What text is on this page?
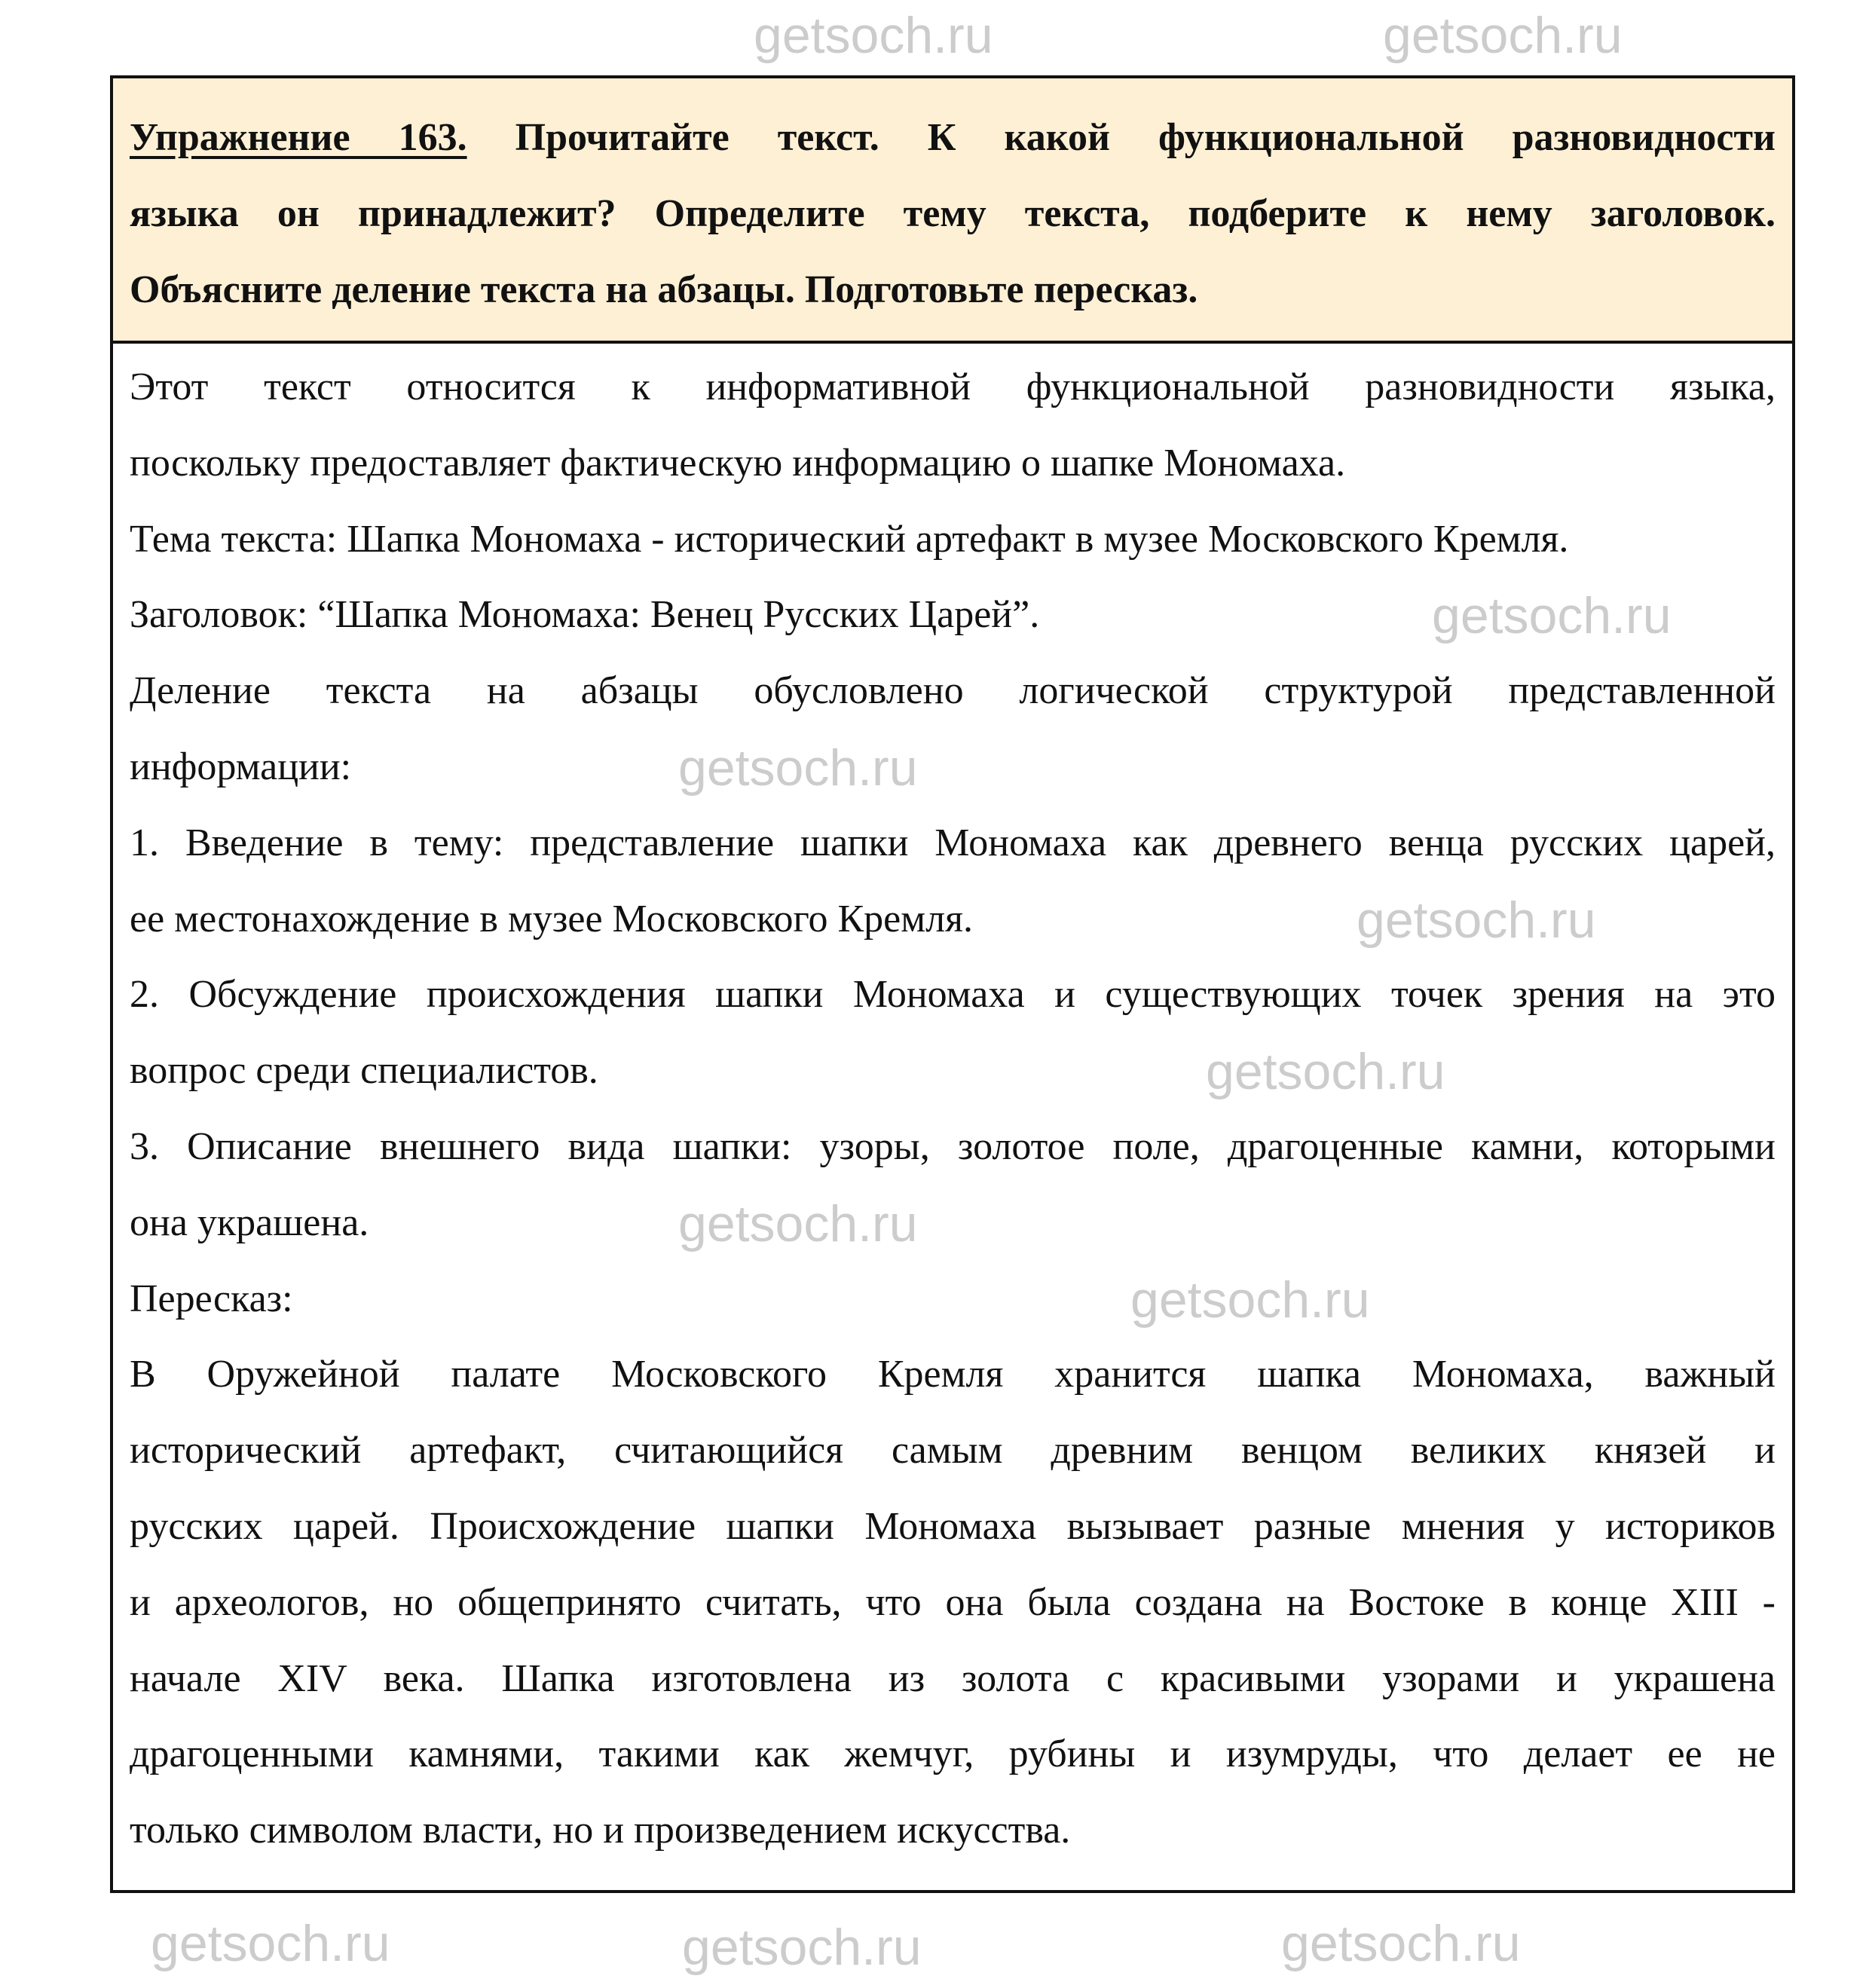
Упражнение 163. Прочитайте текст. К какой функциональной разновидности
языка он принадлежит? Определите тему текста, подберите к нему заголовок.
Объясните деление текста на абзацы. Подготовьте пересказ.
Этот текст относится к информативной функциональной разновидности языка,
поскольку предоставляет фактическую информацию о шапке Мономаха.
Тема текста: Шапка Мономаха - исторический артефакт в музее Московского Кремля.
Заголовок: “Шапка Мономаха: Венец Русских Царей”.
Деление текста на абзацы обусловлено логической структурой представленной
информации:
1. Введение в тему: представление шапки Мономаха как древнего венца русских царей,
ее местонахождение в музее Московского Кремля.
2. Обсуждение происхождения шапки Мономаха и существующих точек зрения на это
вопрос среди специалистов.
3. Описание внешнего вида шапки: узоры, золотое поле, драгоценные камни, которыми
она украшена.
Пересказ:
В Оружейной палате Московского Кремля хранится шапка Мономаха, важный
исторический артефакт, считающийся самым древним венцом великих князей и
русских царей. Происхождение шапки Мономаха вызывает разные мнения у историков
и археологов, но общепринято считать, что она была создана на Востоке в конце XIII -
начале XIV века. Шапка изготовлена из золота с красивыми узорами и украшена
драгоценными камнями, такими как жемчуг, рубины и изумруды, что делает ее не
только символом власти, но и произведением искусства.
getsoch.ru
getsoch.ru
getsoch.ru
getsoch.ru
getsoch.ru
getsoch.ru
getsoch.ru
getsoch.ru
getsoch.ru	getsoch.ru	getsoch.ru
